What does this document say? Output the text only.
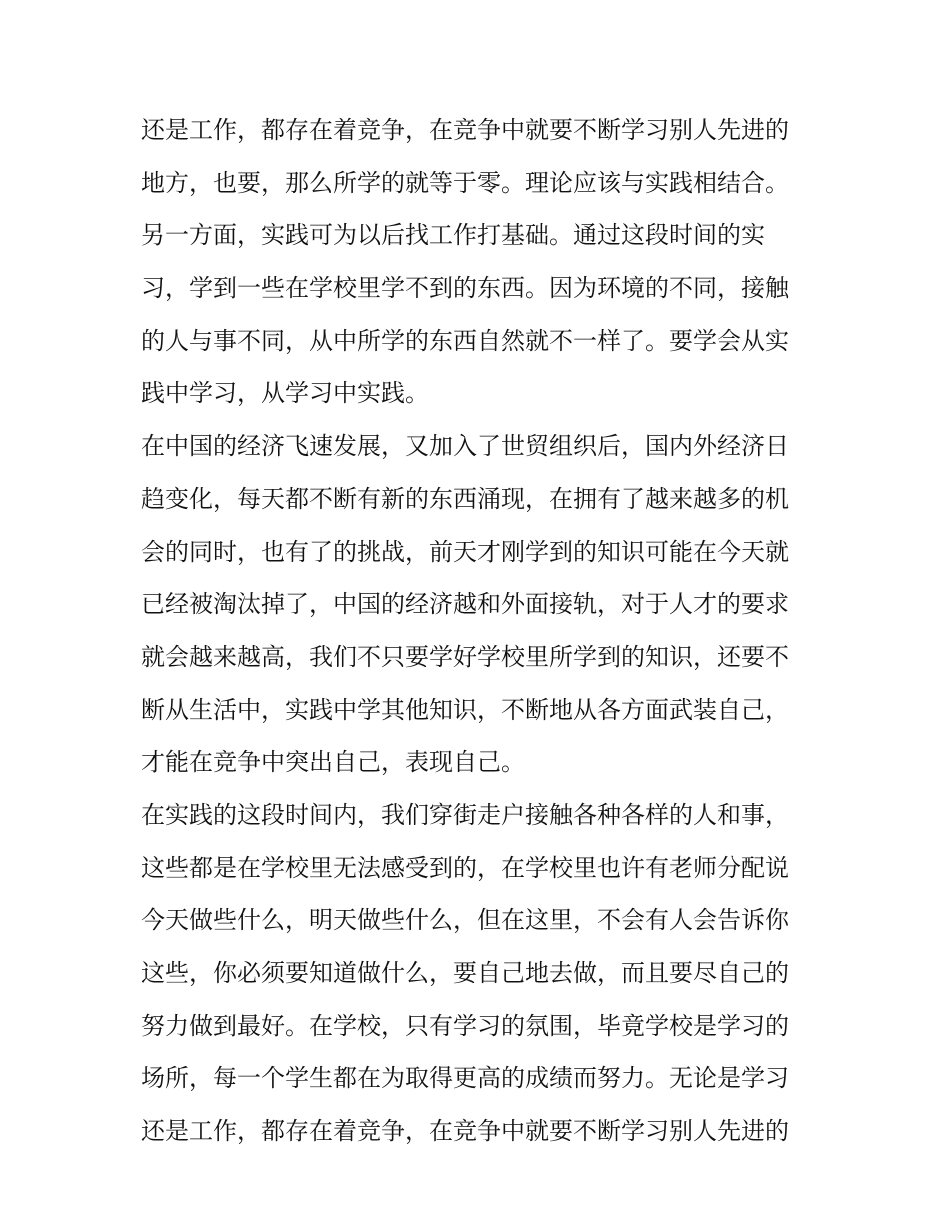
还是工作，都存在着竞争，在竞争中就要不断学习别人先进的
地方，也要，那么所学的就等于零。理论应该与实践相结合。
另一方面，实践可为以后找工作打基础。通过这段时间的实
习，学到一些在学校里学不到的东西。因为环境的不同，接触
的人与事不同，从中所学的东西自然就不一样了。要学会从实
践中学习，从学习中实践。
在中国的经济飞速发展，又加入了世贸组织后，国内外经济日
趋变化，每天都不断有新的东西涌现，在拥有了越来越多的机
会的同时，也有了的挑战，前天才刚学到的知识可能在今天就
已经被淘汰掉了，中国的经济越和外面接轨，对于人才的要求
就会越来越高，我们不只要学好学校里所学到的知识，还要不
断从生活中，实践中学其他知识，不断地从各方面武装自己，
才能在竞争中突出自己，表现自己。
在实践的这段时间内，我们穿街走户接触各种各样的人和事，
这些都是在学校里无法感受到的，在学校里也许有老师分配说
今天做些什么，明天做些什么，但在这里，不会有人会告诉你
这些，你必须要知道做什么，要自己地去做，而且要尽自己的
努力做到最好。在学校，只有学习的氛围，毕竟学校是学习的
场所，每一个学生都在为取得更高的成绩而努力。无论是学习
还是工作，都存在着竞争，在竞争中就要不断学习别人先进的
